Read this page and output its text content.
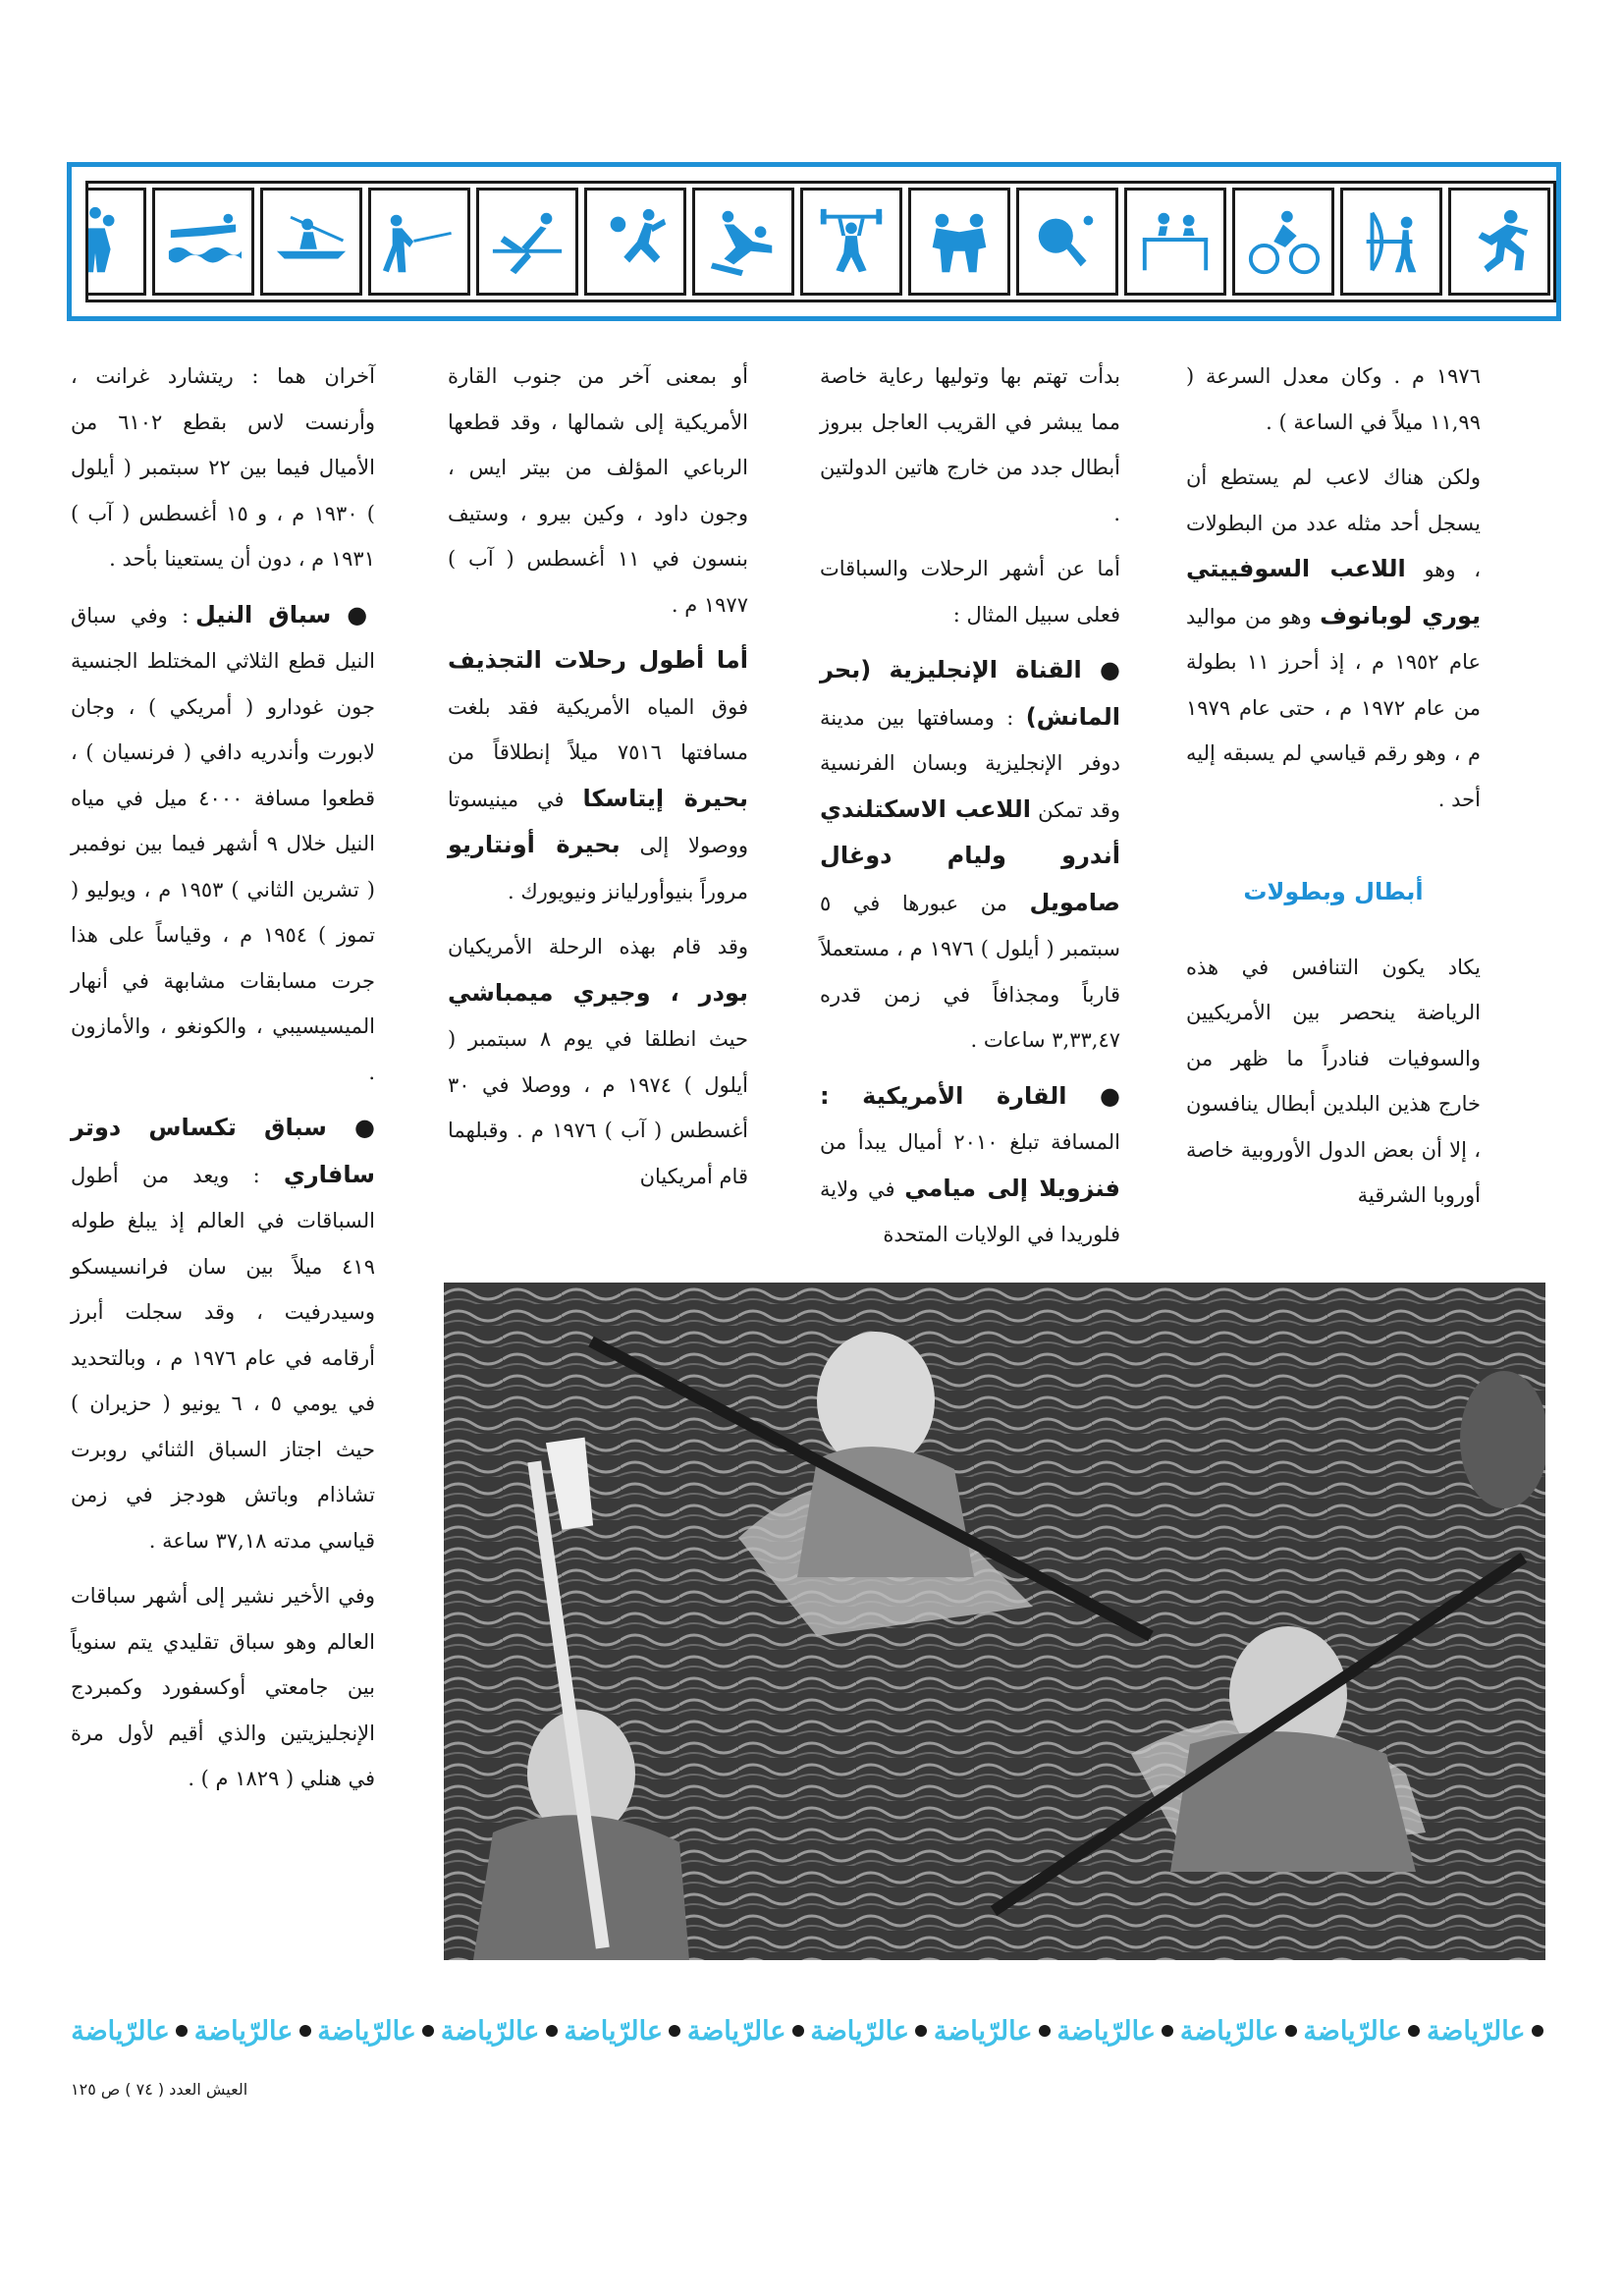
١٩٧٦ م . وكان معدل السرعة ( ١١,٩٩ ميلاً في الساعة ) .

ولكن هناك لاعب لم يستطع أن يسجل أحد مثله عدد من البطولات ، وهو اللاعب السوفييتي يوري لوبانوف وهو من مواليد عام ١٩٥٢ م ، إذ أحرز ١١ بطولة من عام ١٩٧٢ م ، حتى عام ١٩٧٩ م ، وهو رقم قياسي لم يسبقه إليه أحد .

أبطال وبطولات

يكاد يكون التنافس في هذه الرياضة ينحصر بين الأمريكيين والسوفيات فنادراً ما ظهر من خارج هذين البلدين أبطال ينافسون ، إلا أن بعض الدول الأوروبية خاصة أوروبا الشرقية

بدأت تهتم بها وتوليها رعاية خاصة مما يبشر في القريب العاجل ببروز أبطال جدد من خارج هاتين الدولتين .

أما عن أشهر الرحلات والسباقات فعلى سبيل المثال :

● القناة الإنجليزية (بحر المانش) : ومسافتها بين مدينة دوفر الإنجليزية وبسان الفرنسية وقد تمكن اللاعب الاسكتلندي أندرو وليام دوغال صامويل من عبورها في ٥ سبتمبر ( أيلول ) ١٩٧٦ م ، مستعملاً قارباً ومجذافاً في زمن قدره ٣,٣٣,٤٧ ساعات .

● القارة الأمريكية : المسافة تبلغ ٢٠١٠ أميال يبدأ من فنزويلا إلى ميامي في ولاية فلوريدا في الولايات المتحدة

أو بمعنى آخر من جنوب القارة الأمريكية إلى شمالها ، وقد قطعها الرباعي المؤلف من بيتر ايس ، وجون داود ، وكين بيرو ، وستيف بنسون في ١١ أغسطس ( آب ) ١٩٧٧ م .

أما أطول رحلات التجذيف فوق المياه الأمريكية فقد بلغت مسافتها ٧٥١٦ ميلاً إنطلاقاً من بحيرة إيتاسكا في مينيسوتا ووصولا إلى بحيرة أونتاريو مروراً بنيوأورليانز ونيويورك .

وقد قام بهذه الرحلة الأمريكيان بودر ، وجيري ميمباشي حيث انطلقا في يوم ٨ سبتمبر ( أيلول ) ١٩٧٤ م ، ووصلا في ٣٠ أغسطس ( آب ) ١٩٧٦ م . وقبلهما قام أمريكيان

آخران هما : ريتشارد غرانت ، وأرنست لاس بقطع ٦١٠٢ من الأميال فيما بين ٢٢ سبتمبر ( أيلول ) ١٩٣٠ م ، و ١٥ أغسطس ( آب ) ١٩٣١ م ، دون أن يستعينا بأحد .

● سباق النيل : وفي سباق النيل قطع الثلاثي المختلط الجنسية جون غودارو ( أمريكي ) ، وجان لابورت وأندريه دافي ( فرنسيان ) ، قطعوا مسافة ٤٠٠٠ ميل في مياه النيل خلال ٩ أشهر فيما بين نوفمبر ( تشرين الثاني ) ١٩٥٣ م ، ويوليو ( تموز ) ١٩٥٤ م ، وقياساً على هذا جرت مسابقات مشابهة في أنهار الميسيسيبي ، والكونغو ، والأمازون .

● سباق تكساس دوتر سافاري : ويعد من أطول السباقات في العالم إذ يبلغ طوله ٤١٩ ميلاً بين سان فرانسيسكو وسيدرفيت ، وقد سجلت أبرز أرقامه في عام ١٩٧٦ م ، وبالتحديد في يومي ٥ ، ٦ يونيو ( حزيران ) حيث اجتاز السباق الثنائي روبرت تشاذام وباتش هودجز في زمن قياسي مدته ٣٧,١٨ ساعة .

وفي الأخير نشير إلى أشهر سباقات العالم وهو سباق تقليدي يتم سنوياً بين جامعتي أوكسفورد وكمبردج الإنجليزيتين والذي أقيم لأول مرة في هنلي ( ١٨٢٩ م ) .

عالرّياضة
عالرّياضة
عالرّياضة
عالرّياضة
عالرّياضة
عالرّياضة
عالرّياضة
عالرّياضة
عالرّياضة
عالرّياضة
عالرّياضة
عالرّياضة
العيش العدد ( ٧٤ ) ص ١٢٥
